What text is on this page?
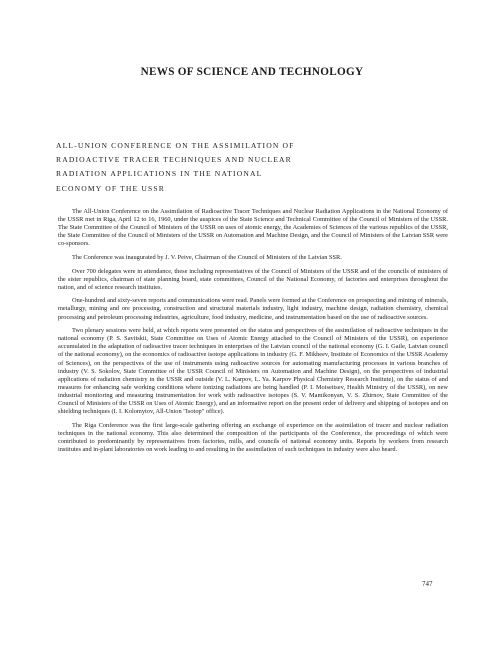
NEWS OF SCIENCE AND TECHNOLOGY
ALL-UNION CONFERENCE ON THE ASSIMILATION OF
RADIOACTIVE TRACER TECHNIQUES AND NUCLEAR
RADIATION APPLICATIONS IN THE NATIONAL
ECONOMY OF THE USSR

The All-Union Conference on the Assimilation of Radioactive Tracer Techniques and Nuclear Radiation Applications in the National Economy of the USSR met in Riga, April 12 to 16, 1960, under the auspices of the State Science and Technical Committee of the Council of Ministers of the USSR. The State Committee of the Council of Ministers of the USSR on uses of atomic energy, the Academies of Sciences of the various republics of the USSR, the State Committee of the Council of Ministers of the USSR on Automation and Machine Design, and the Council of Ministers of the Latvian SSR were co-sponsors.

The Conference was inaugurated by J. V. Peive, Chairman of the Council of Ministers of the Latvian SSR.

Over 700 delegates were in attendance, these including representatives of the Council of Ministers of the USSR and of the councils of ministers of the sister republics, chairman of state planning board, state committees, Council of the National Economy, of factories and enterprises throughout the nation, and of science research institutes.

One-hundred and sixty-seven reports and communications were read. Panels were formed at the Conference on prospecting and mining of minerals, metallurgy, mining and ore processing, construction and structural materials industry, light industry, machine design, radiation chemistry, chemical processing and petroleum processing industries, agriculture, food industry, medicine, and instrumentation based on the use of radioactive sources.

Two plenary sessions were held, at which reports were presented on the status and perspectives of the assimilation of radioactive techniques in the national economy (P. S. Savitskii, State Committee on Uses of Atomic Energy attached to the Council of Ministers of the USSR), on experience accumulated in the adaptation of radioactive tracer techniques in enterprises of the Latvian council of the national economy (G. I. Gaile, Latvian council of the national economy), on the economics of radioactive isotope applications in industry (G. F. Mikheev, Institute of Economics of the USSR Academy of Sciences), on the perspectives of the use of instruments using radioactive sources for automating manufacturing processes in various branches of industry (V. S. Sokolov, State Committee of the USSR Council of Ministers on Automation and Machine Design), on the perspectives of industrial applications of radiation chemistry in the USSR and outside (V. L. Karpov, L. Ya. Karpov Physical Chemistry Research Institute), on the status of and measures for enhancing safe working conditions where ionizing radiations are being handled (P. I. Moiseitsev, Health Ministry of the USSR), on new industrial monitoring and measuring instrumentation for work with radioactive isotopes (S. V. Mamikonyan, V. S. Zhirnov, State Committee of the Council of Ministers of the USSR on Uses of Atomic Energy), and an informative report on the present order of delivery and shipping of isotopes and on shielding techniques (I. I. Kolomytov, All-Union "Isotop" office).

The Riga Conference was the first large-scale gathering offering an exchange of experience on the assimilation of tracer and nuclear radiation techniques in the national economy. This also determined the composition of the participants of the Conference, the proceedings of which were contributed to predominantly by representatives from factories, mills, and councils of national economy units. Reports by workers from research institutes and in-plant laboratories on work leading to and resulting in the assimilation of such techniques in industry were also heard.

747
